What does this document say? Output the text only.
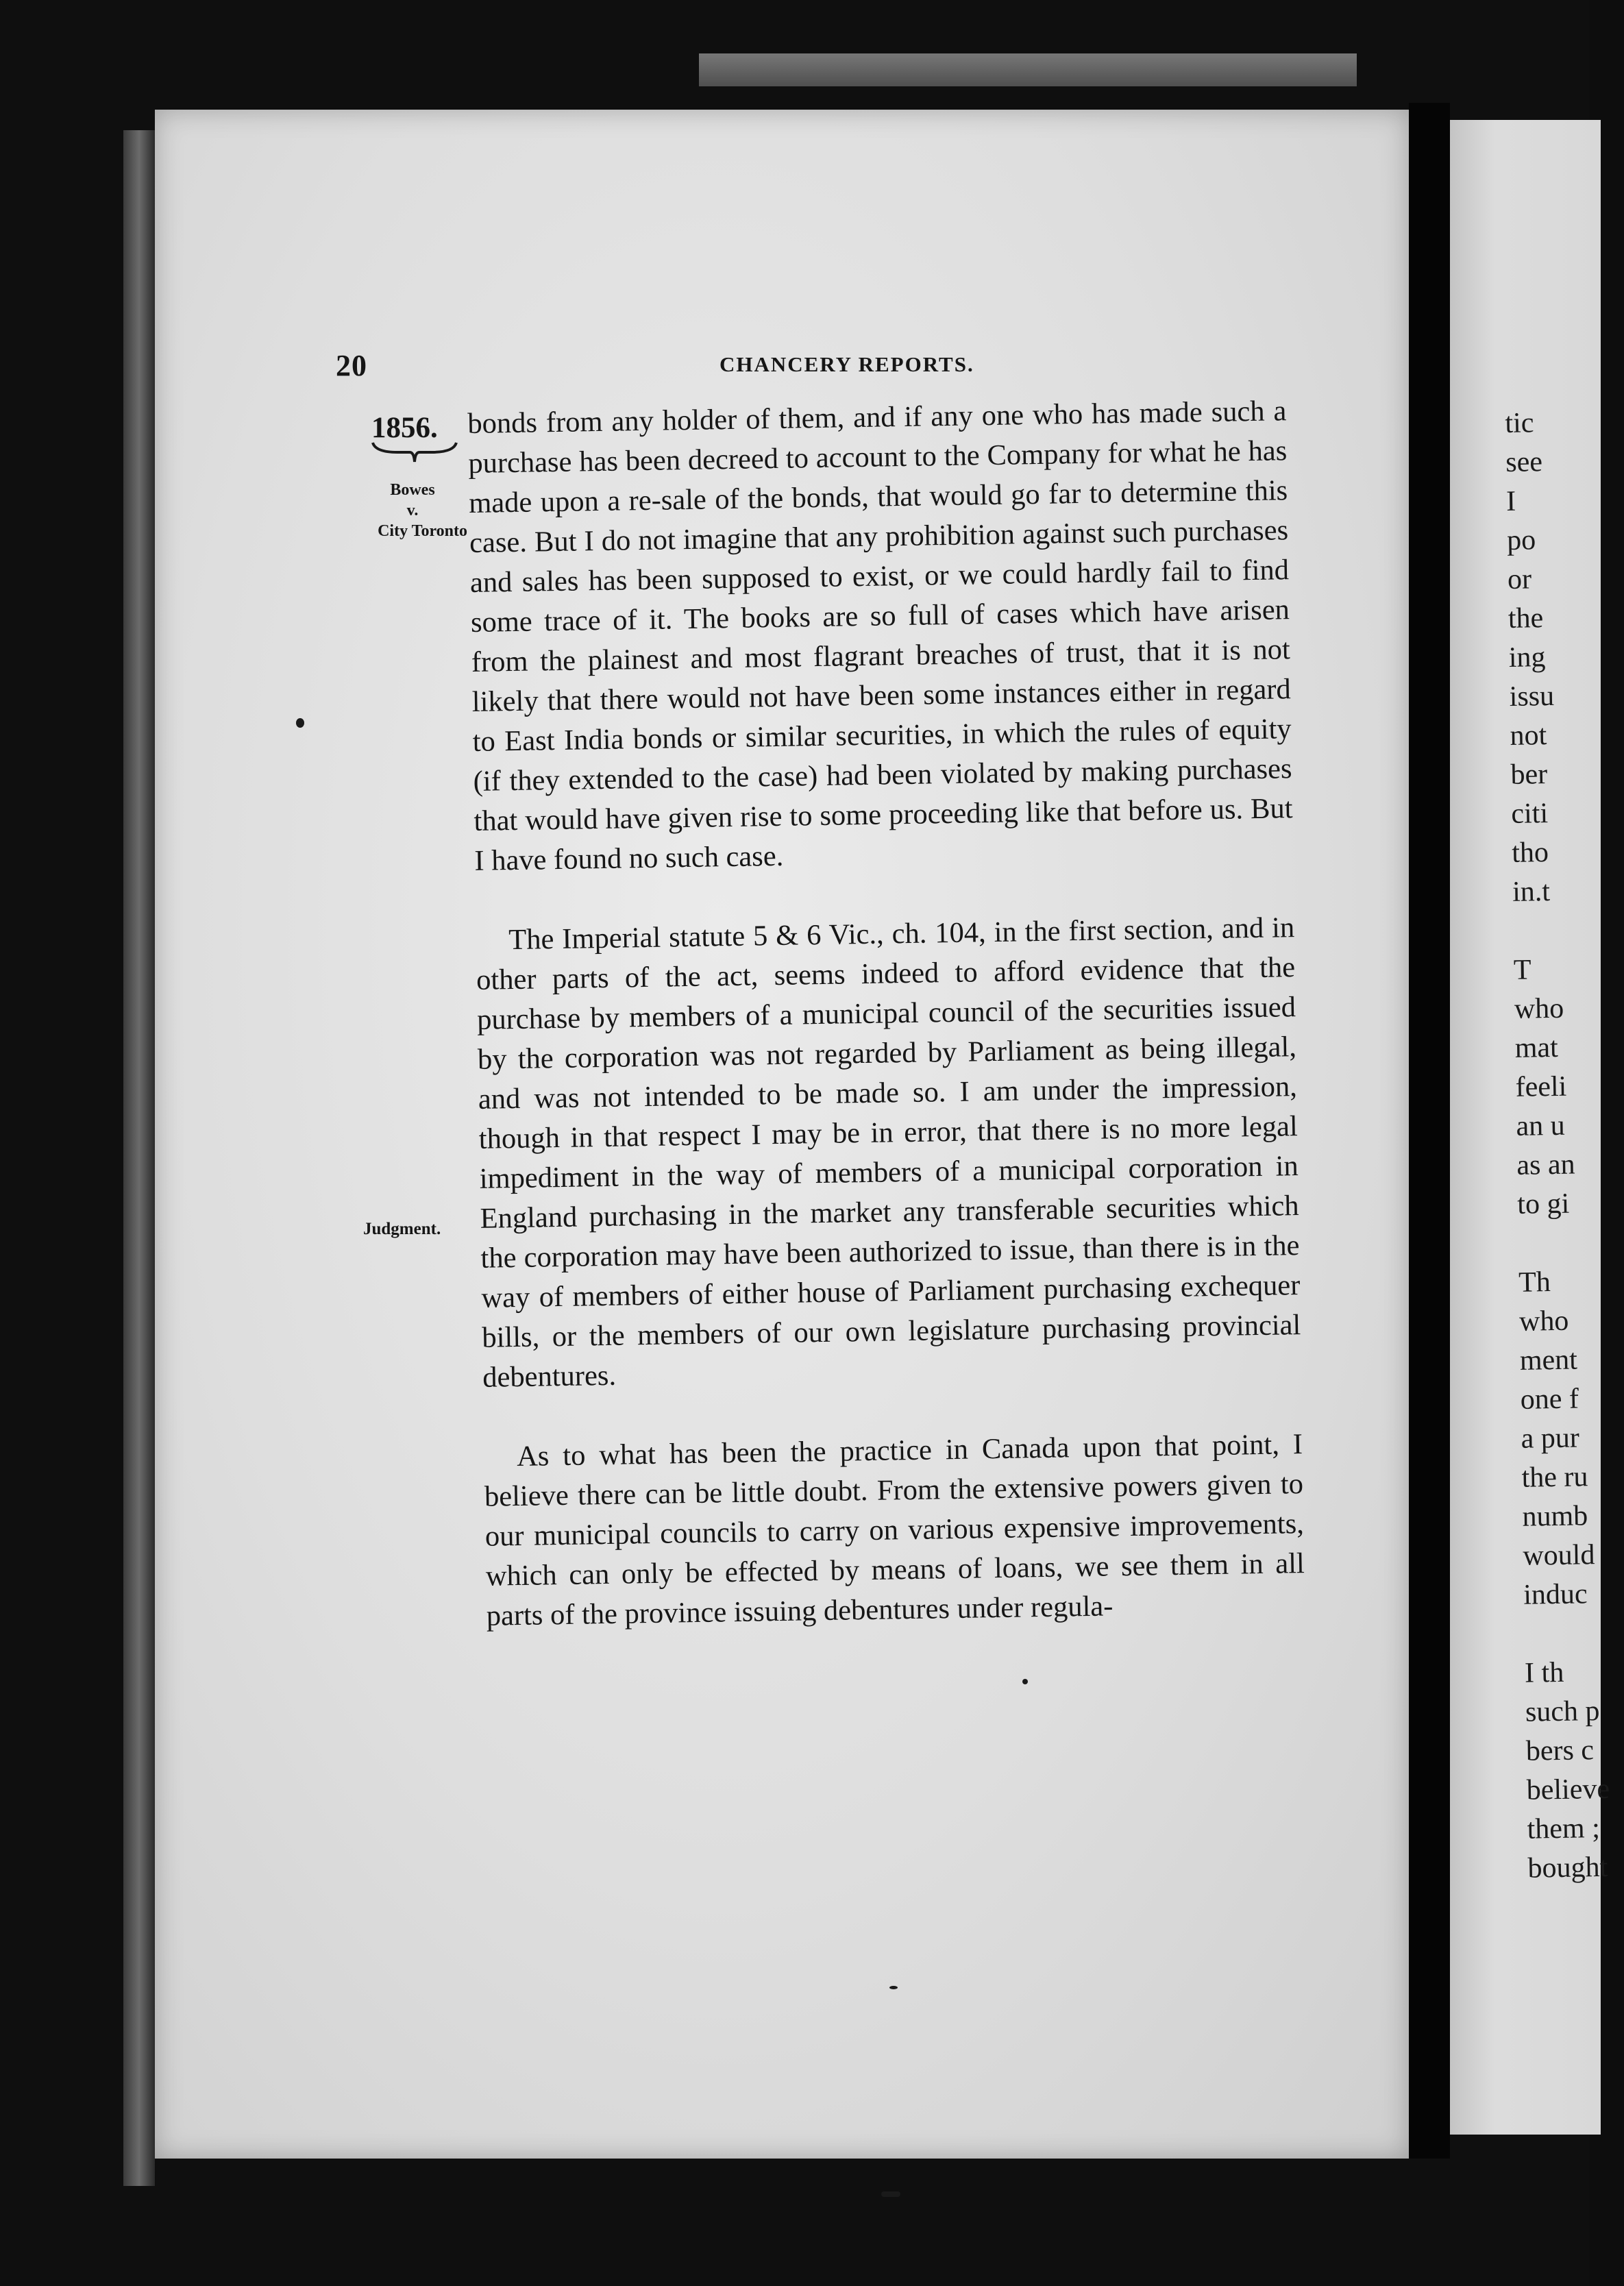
20	CHANCERY REPORTS.
1856.
Bowes
v.
City Toronto
Judgment.

bonds from any holder of them, and if any one who has made such a purchase has been decreed to account to the Company for what he has made upon a re-sale of the bonds, that would go far to determine this case. But I do not imagine that any prohibition against such purchases and sales has been supposed to exist, or we could hardly fail to find some trace of it. The books are so full of cases which have arisen from the plainest and most flagrant breaches of trust, that it is not likely that there would not have been some instances either in regard to East India bonds or similar securities, in which the rules of equity (if they extended to the case) had been violated by making purchases that would have given rise to some proceeding like that before us. But I have found no such case.

The Imperial statute 5 & 6 Vic., ch. 104, in the first section, and in other parts of the act, seems indeed to afford evidence that the purchase by members of a municipal council of the securities issued by the corporation was not regarded by Parliament as being illegal, and was not intended to be made so. I am under the impression, though in that respect I may be in error, that there is no more legal impediment in the way of members of a municipal corporation in England purchasing in the market any transferable securities which the corporation may have been authorized to issue, than there is in the way of members of either house of Parliament purchasing exchequer bills, or the members of our own legislature purchasing provincial debentures.

As to what has been the practice in Canada upon that point, I believe there can be little doubt. From the extensive powers given to our municipal councils to carry on various expensive improvements, which can only be effected by means of loans, we see them in all parts of the province issuing debentures under regula-

tic
see
I
po
or
the
ing
issu
not
ber
citi
tho
in.t
T
who
mat
feeli
an u
as an
to gi
Th
who
ment
one f
a pur
the ru
numb
would
induc
I th
such p
bers c
believe
them ;
bought
